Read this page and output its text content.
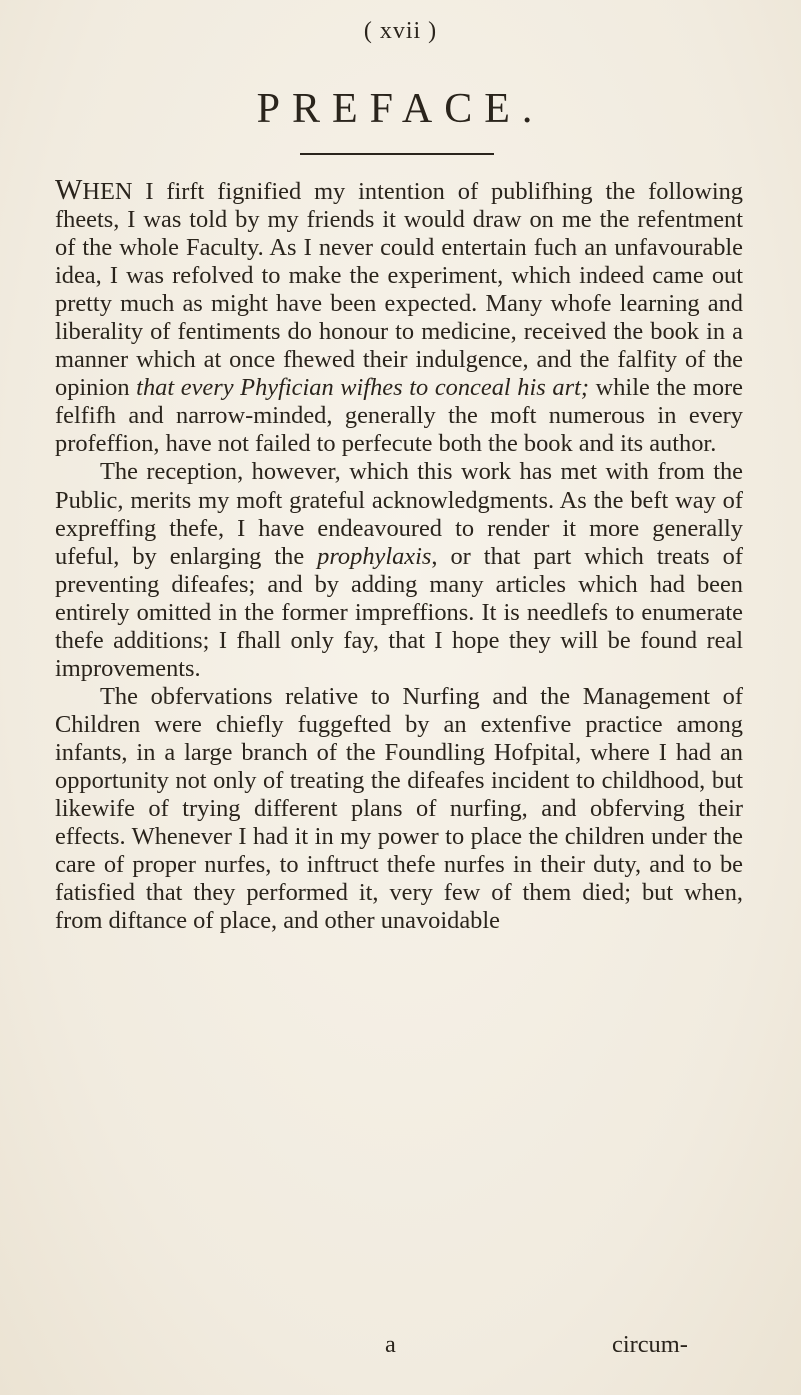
( xvii )
PREFACE.

WHEN I firft fignified my intention of publifhing the following fheets, I was told by my friends it would draw on me the refentment of the whole Faculty. As I never could entertain fuch an unfavourable idea, I was refolved to make the experiment, which indeed came out pretty much as might have been expected. Many whofe learning and liberality of fentiments do honour to medicine, received the book in a manner which at once fhewed their indulgence, and the falfity of the opinion that every Phyfician wifhes to conceal his art; while the more felfifh and narrow-minded, generally the moft numerous in every profeffion, have not failed to perfecute both the book and its author.

The reception, however, which this work has met with from the Public, merits my moft grateful acknowledgments. As the beft way of expreffing thefe, I have endeavoured to render it more generally ufeful, by enlarging the prophylaxis, or that part which treats of preventing difeafes; and by adding many articles which had been entirely omitted in the former impreffions. It is needlefs to enumerate thefe additions; I fhall only fay, that I hope they will be found real improvements.

The obfervations relative to Nurfing and the Management of Children were chiefly fuggefted by an extenfive practice among infants, in a large branch of the Foundling Hofpital, where I had an opportunity not only of treating the difeafes incident to childhood, but likewife of trying different plans of nurfing, and obferving their effects. Whenever I had it in my power to place the children under the care of proper nurfes, to inftruct thefe nurfes in their duty, and to be fatisfied that they performed it, very few of them died; but when, from diftance of place, and other unavoidable

a	circum-
